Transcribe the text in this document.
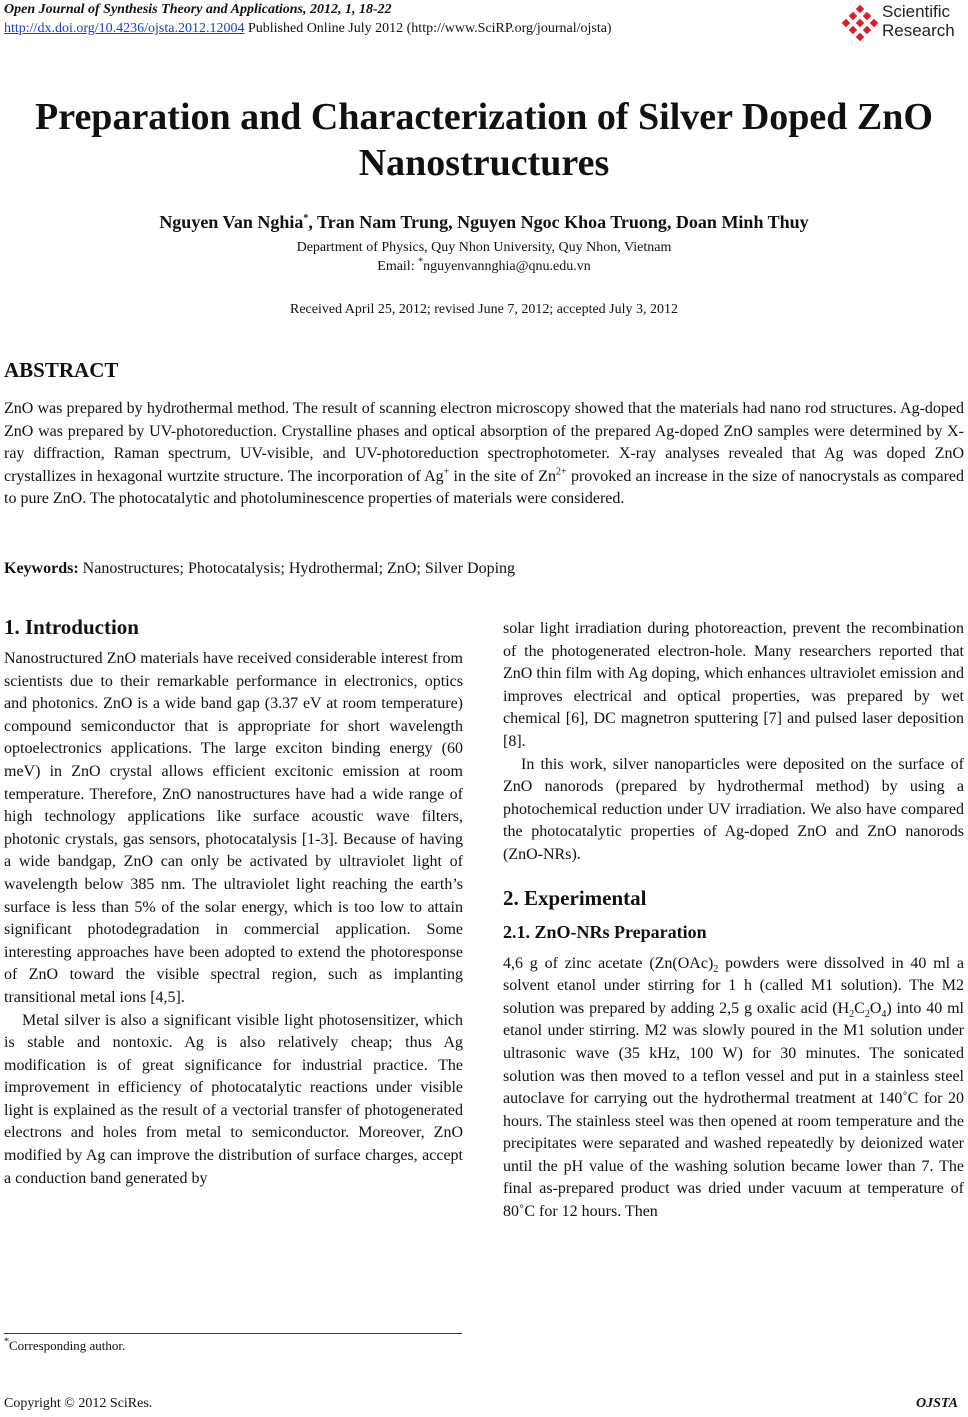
Open Journal of Synthesis Theory and Applications, 2012, 1, 18-22
http://dx.doi.org/10.4236/ojsta.2012.12004 Published Online July 2012 (http://www.SciRP.org/journal/ojsta)
Scientific
Research
Preparation and Characterization of Silver Doped ZnO
Nanostructures
Nguyen Van Nghia*, Tran Nam Trung, Nguyen Ngoc Khoa Truong, Doan Minh Thuy
Department of Physics, Quy Nhon University, Quy Nhon, Vietnam
Email: *nguyenvannghia@qnu.edu.vn
Received April 25, 2012; revised June 7, 2012; accepted July 3, 2012
ABSTRACT
ZnO was prepared by hydrothermal method. The result of scanning electron microscopy showed that the materials had nano rod structures. Ag-doped ZnO was prepared by UV-photoreduction. Crystalline phases and optical absorption of the prepared Ag-doped ZnO samples were determined by X-ray diffraction, Raman spectrum, UV-visible, and UV-photoreduction spectrophotometer. X-ray analyses revealed that Ag was doped ZnO crystallizes in hexagonal wurtzite structure. The incorporation of Ag+ in the site of $Zn^{2+}$ provoked an increase in the size of nanocrystals as compared to pure ZnO. The photocatalytic and photoluminescence properties of materials were considered.
Keywords: Nanostructures; Photocatalysis; Hydrothermal; ZnO; Silver Doping
1. Introduction

Nanostructured ZnO materials have received considerable interest from scientists due to their remarkable performance in electronics, optics and photonics. ZnO is a wide band gap (3.37 eV at room temperature) compound semiconductor that is appropriate for short wavelength optoelectronics applications. The large exciton binding energy (60 meV) in ZnO crystal allows efficient excitonic emission at room temperature. Therefore, ZnO nanostructures have had a wide range of high technology applications like surface acoustic wave filters, photonic crystals, gas sensors, photocatalysis [1-3]. Because of having a wide bandgap, ZnO can only be activated by ultraviolet light of wavelength below 385 nm. The ultraviolet light reaching the earth’s surface is less than 5% of the solar energy, which is too low to attain significant photodegradation in commercial application. Some interesting approaches have been adopted to extend the photoresponse of ZnO toward the visible spectral region, such as implanting transitional metal ions [4,5].

Metal silver is also a significant visible light photosensitizer, which is stable and nontoxic. Ag is also relatively cheap; thus Ag modification is of great significance for industrial practice. The improvement in efficiency of photocatalytic reactions under visible light is explained as the result of a vectorial transfer of photogenerated electrons and holes from metal to semiconductor. Moreover, ZnO modified by Ag can improve the distribution of surface charges, accept a conduction band generated by

solar light irradiation during photoreaction, prevent the recombination of the photogenerated electron-hole. Many researchers reported that ZnO thin film with Ag doping, which enhances ultraviolet emission and improves electrical and optical properties, was prepared by wet chemical [6], DC magnetron sputtering [7] and pulsed laser deposition [8].

In this work, silver nanoparticles were deposited on the surface of ZnO nanorods (prepared by hydrothermal method) by using a photochemical reduction under UV irradiation. We also have compared the photocatalytic properties of Ag-doped ZnO and ZnO nanorods (ZnO-NRs).

2. Experimental
2.1. ZnO-NRs Preparation

4,6 g of zinc acetate ($Zn(OAc)_2$ powders were dissolved in 40 ml a solvent etanol under stirring for 1 h (called M1 solution). The M2 solution was prepared by adding 2,5 g oxalic acid $(H_2C_2O_4)$ into 40 ml etanol under stirring. M2 was slowly poured in the M1 solution under ultrasonic wave (35 kHz, 100 W) for 30 minutes. The sonicated solution was then moved to a teflon vessel and put in a stainless steel autoclave for carrying out the hydrothermal treatment at 140˚C for 20 hours. The stainless steel was then opened at room temperature and the precipitates were separated and washed repeatedly by deionized water until the pH value of the washing solution became lower than 7. The final as-prepared product was dried under vacuum at temperature of 80˚C for 12 hours. Then

*Corresponding author.
Copyright © 2012 SciRes.	OJSTA
